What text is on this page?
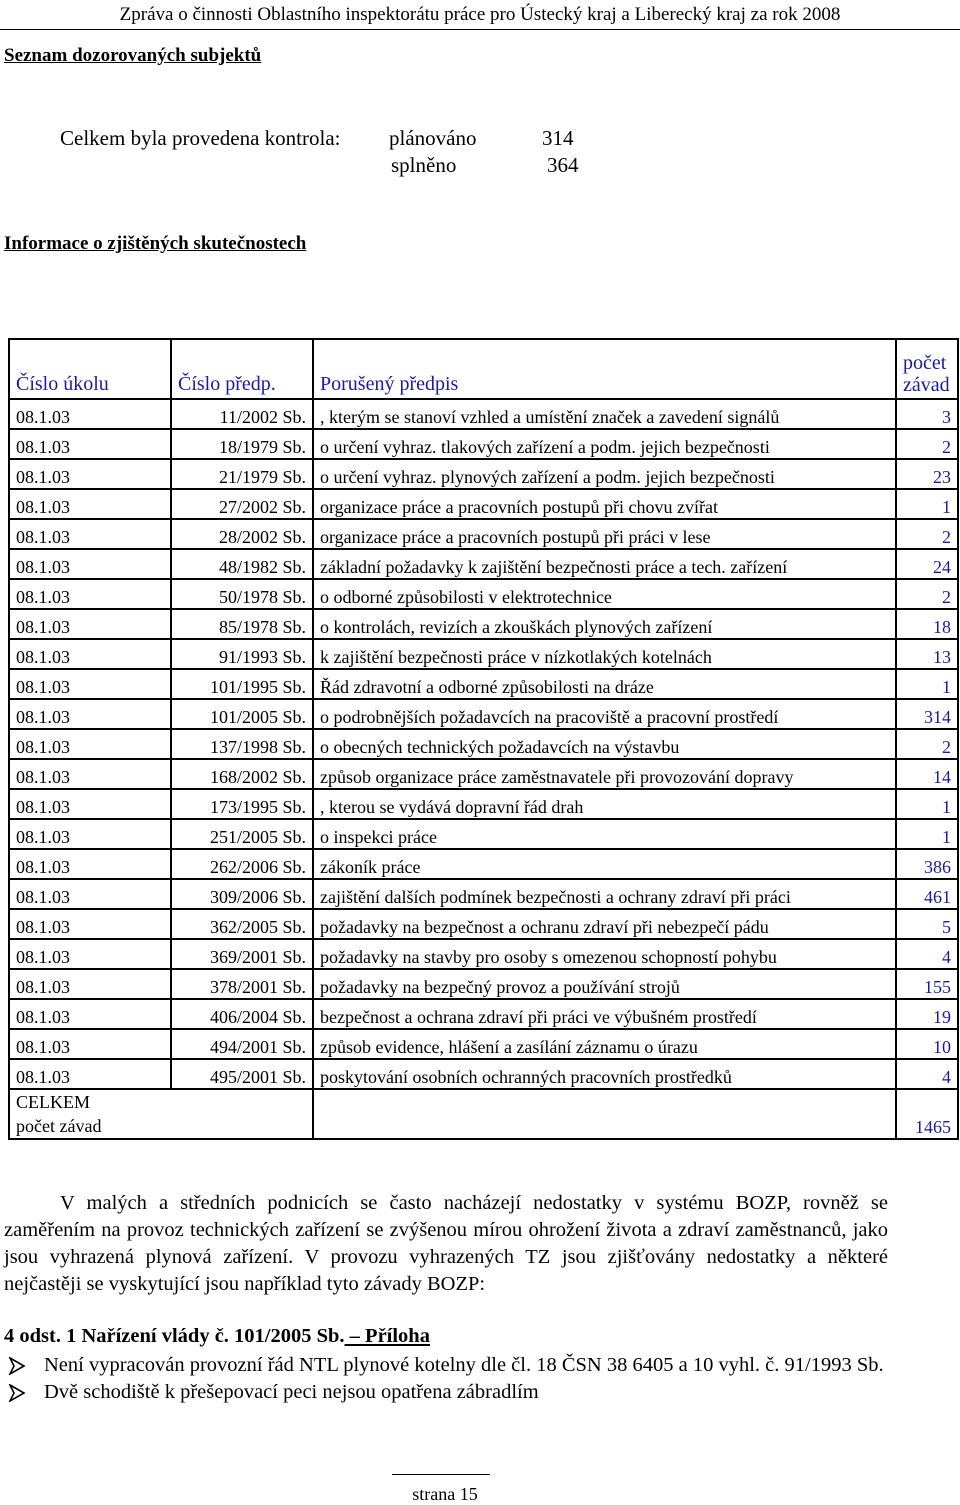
Zpráva o činnosti Oblastního inspektorátu práce pro Ústecký kraj a Liberecký kraj za rok 2008
Seznam dozorovaných subjektů
Celkem byla provedena kontrola: plánováno	314
splněno	364
Informace o zjištěných skutečnostech
Číslo úkolu	Číslo předp.	Porušený předpis	počet
závad
08.1.03	11/2002 Sb.	, kterým se stanoví vzhled a umístění značek a zavedení signálů	3
08.1.03	18/1979 Sb.	o určení vyhraz. tlakových zařízení a podm. jejich bezpečnosti	2
08.1.03	21/1979 Sb.	o určení vyhraz. plynových zařízení a podm. jejich bezpečnosti	23
08.1.03	27/2002 Sb.	organizace práce a pracovních postupů při chovu zvířat	1
08.1.03	28/2002 Sb.	organizace práce a pracovních postupů při práci v lese	2
08.1.03	48/1982 Sb.	základní požadavky k zajištění bezpečnosti práce a tech. zařízení	24
08.1.03	50/1978 Sb.	o odborné způsobilosti v elektrotechnice	2
08.1.03	85/1978 Sb.	o kontrolách, revizích a zkouškách plynových zařízení	18
08.1.03	91/1993 Sb.	k zajištění bezpečnosti práce v nízkotlakých kotelnách	13
08.1.03	101/1995 Sb.	Řád zdravotní a odborné způsobilosti na dráze	1
08.1.03	101/2005 Sb.	o podrobnějších požadavcích na pracoviště a pracovní prostředí	314
08.1.03	137/1998 Sb.	o obecných technických požadavcích na výstavbu	2
08.1.03	168/2002 Sb.	způsob organizace práce zaměstnavatele při provozování dopravy	14
08.1.03	173/1995 Sb.	, kterou se vydává dopravní řád drah	1
08.1.03	251/2005 Sb.	o inspekci práce	1
08.1.03	262/2006 Sb.	zákoník práce	386
08.1.03	309/2006 Sb.	zajištění dalších podmínek bezpečnosti a ochrany zdraví při práci	461
08.1.03	362/2005 Sb.	požadavky na bezpečnost a ochranu zdraví při nebezpečí pádu	5
08.1.03	369/2001 Sb.	požadavky na stavby pro osoby s omezenou schopností pohybu	4
08.1.03	378/2001 Sb.	požadavky na bezpečný provoz a používání strojů	155
08.1.03	406/2004 Sb.	bezpečnost a ochrana zdraví při práci ve výbušném prostředí	19
08.1.03	494/2001 Sb.	způsob evidence, hlášení a zasílání záznamu o úrazu	10
08.1.03	495/2001 Sb.	poskytování osobních ochranných pracovních prostředků	4

CELKEM
počet závad			1465
V malých a středních podnicích se často nacházejí nedostatky v systému BOZP, rovněž se zaměřením na provoz technických zařízení se zvýšenou mírou ohrožení života a zdraví zaměstnanců, jako jsou vyhrazená plynová zařízení. V provozu vyhrazených TZ jsou zjišťovány nedostatky a některé nejčastěji se vyskytující jsou například tyto závady BOZP:
4 odst. 1 Nařízení vlády č. 101/2005 Sb. – Příloha
Není vypracován provozní řád NTL plynové kotelny dle čl. 18 ČSN 38 6405 a 10 vyhl. č. 91/1993 Sb.
Dvě schodiště k přešepovací peci nejsou opatřena zábradlím
strana 15
